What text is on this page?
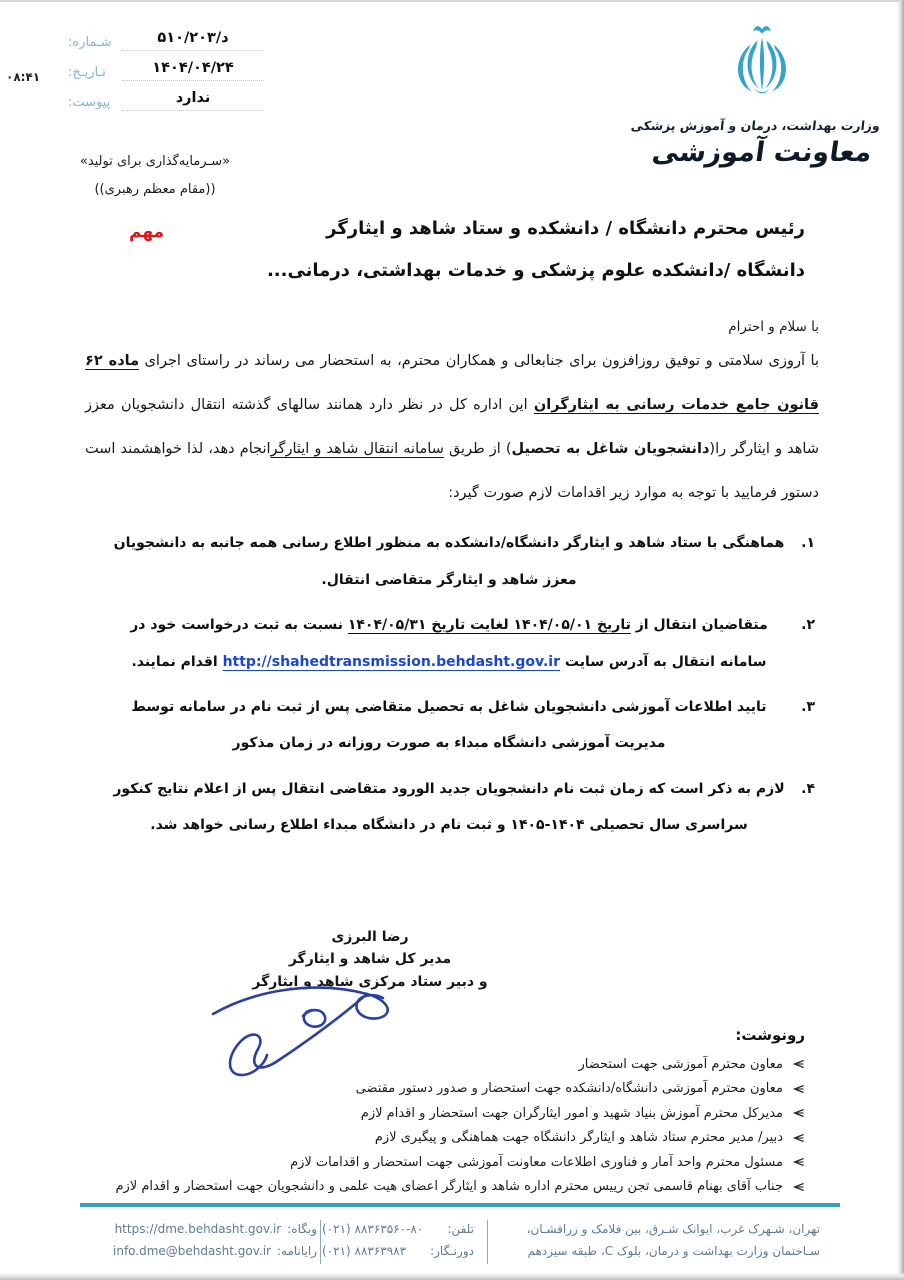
وزارت بهداشت، درمان و آموزش پزشکی
معاونت آموزشی
د/۵۱۰/۲۰۳
شـماره:
۱۴۰۴/۰۴/۲۴
تـاریـخ:
ندارد
پیوست:
۰۸:۴۱
«سـرمایه‌گذاری برای تولید»
((مقام معظم رهبری))
مهم	رئیس محترم دانشگاه / دانشکده و ستاد شاهد و ایثارگر
دانشگاه /دانشکده علوم پزشکی و خدمات بهداشتی، درمانی...
با سلام و احترام
با آروزی سلامتی و توفیق روزافزون برای جنابعالی و همکاران محترم، به استحضار می رساند در راستای اجرای ماده ۶۲ قانون جامع خدمات رسانی به ایثارگران این اداره کل در نظر دارد همانند سالهای گذشته انتقال دانشجویان معزز شاهد و ایثارگر را(دانشجویان شاغل به تحصیل) از طریق سامانه انتقال شاهد و ایثارگرانجام دهد، لذا خواهشمند است دستور فرمایید با توجه به موارد زیر اقدامات لازم صورت گیرد:
۱.
هماهنگی با ستاد شاهد و ایثارگر دانشگاه/دانشکده به منظور اطلاع رسانی همه جانبه به دانشجویان معزز شاهد و ایثارگر متقاضی انتقال.
۲.
متقاضیان انتقال از تاریخ ۱۴۰۴/۰۵/۰۱ لغایت تاریخ ۱۴۰۴/۰۵/۳۱ نسبت به ثبت درخواست خود در سامانه انتقال به آدرس سایت http://shahedtransmission.behdasht.gov.ir اقدام نمایند.
۳.
تایید اطلاعات آموزشی دانشجویان شاغل به تحصیل متقاضی پس از ثبت نام در سامانه توسط مدیریت آموزشی دانشگاه مبداء به صورت روزانه در زمان مذکور
۴.
لازم به ذکر است که زمان ثبت نام دانشجویان جدید الورود متقاضی انتقال پس از اعلام نتایج کنکور سراسری سال تحصیلی ۱۴۰۴-۱۴۰۵ و ثبت نام در دانشگاه مبداء اطلاع رسانی خواهد شد.
رضا البرزی
مدیر کل شاهد و ایثارگر
و دبیر ستاد مرکزی شاهد و ایثارگر
رونوشت:
معاون محترم آموزشی جهت استحضار
معاون محترم آموزشی دانشگاه/دانشکده جهت استحضار و صدور دستور مقتضی
مدیرکل محترم آموزش بنیاد شهید و امور ایثارگران جهت استحضار و اقدام لازم
دبیر/ مدیر محترم ستاد شاهد و ایثارگر دانشگاه جهت هماهنگی و پیگیری لازم
مسئول محترم واحد آمار و فناوری اطلاعات معاونت آموزشی جهت استحضار و اقدامات لازم
جناب آقای بهنام قاسمی تجن رییس محترم اداره شاهد و ایثارگر اعضای هیت علمی و دانشجویان جهت استحضار و اقدام لازم
تهران، شـهرک غرب، ایوانک شـرق، بین فلامک و زرافشـان،
سـاختمان وزارت بهداشت و درمان، بلوک C، طبقه سیزدهم
تلفن:
(۰۲۱) ۸۸۳۶۳۵۶۰-۸۰
دورنـگار:
(۰۲۱) ۸۸۳۶۳۹۸۳
وبگاه:
https://dme.behdasht.gov.ir
رایانامه:
info.dme@behdasht.gov.ir
